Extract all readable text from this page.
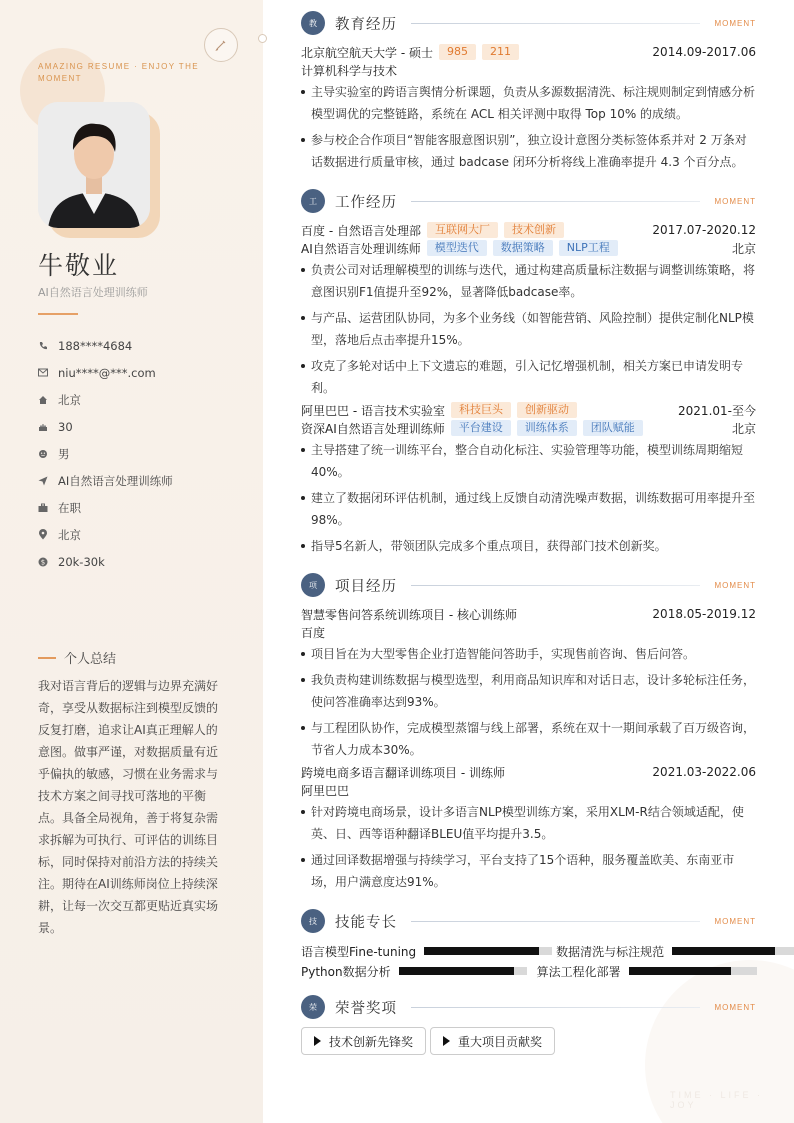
AMAZING RESUME · ENJOY THE MOMENT
牛敬业
AI自然语言处理训练师
188****4684
niu****@***.com
北京
30
男
AI自然语言处理训练师
在职
北京
$ 20k-30k
个人总结
我对语言背后的逻辑与边界充满好奇，享受从数据标注到模型反馈的反复打磨，追求让AI真正理解人的意图。做事严谨，对数据质量有近乎偏执的敏感，习惯在业务需求与技术方案之间寻找可落地的平衡点。具备全局视角，善于将复杂需求拆解为可执行、可评估的训练目标，同时保持对前沿方法的持续关注。期待在AI训练师岗位上持续深耕，让每一次交互都更贴近真实场景。
TIME · LIFE · JOY
教	教育经历	MOMENT
北京航空航天大学 - 硕士	985	211	2014.09-2017.06
计算机科学与技术
主导实验室的跨语言舆情分析课题，负责从多源数据清洗、标注规则制定到情感分析模型调优的完整链路，系统在 ACL 相关评测中取得 Top 10% 的成绩。
参与校企合作项目“智能客服意图识别”，独立设计意图分类标签体系并对 2 万条对话数据进行质量审核，通过 badcase 闭环分析将线上准确率提升 4.3 个百分点。
工	工作经历	MOMENT
百度 - 自然语言处理部	互联网大厂	技术创新	2017.07-2020.12
AI自然语言处理训练师	模型迭代	数据策略	NLP工程	北京
负责公司对话理解模型的训练与迭代，通过构建高质量标注数据与调整训练策略，将意图识别F1值提升至92%，显著降低badcase率。
与产品、运营团队协同，为多个业务线（如智能营销、风险控制）提供定制化NLP模型，落地后点击率提升15%。
攻克了多轮对话中上下文遗忘的难题，引入记忆增强机制，相关方案已申请发明专利。
阿里巴巴 - 语言技术实验室	科技巨头	创新驱动	2021.01-至今
资深AI自然语言处理训练师	平台建设	训练体系	团队赋能	北京
主导搭建了统一训练平台，整合自动化标注、实验管理等功能，模型训练周期缩短40%。
建立了数据闭环评估机制，通过线上反馈自动清洗噪声数据，训练数据可用率提升至98%。
指导5名新人，带领团队完成多个重点项目，获得部门技术创新奖。
项	项目经历	MOMENT
智慧零售问答系统训练项目 - 核心训练师	2018.05-2019.12
百度
项目旨在为大型零售企业打造智能问答助手，实现售前咨询、售后问答。
我负责构建训练数据与模型选型，利用商品知识库和对话日志，设计多轮标注任务，使问答准确率达到93%。
与工程团队协作，完成模型蒸馏与线上部署，系统在双十一期间承载了百万级咨询，节省人力成本30%。
跨境电商多语言翻译训练项目 - 训练师	2021.03-2022.06
阿里巴巴
针对跨境电商场景，设计多语言NLP模型训练方案，采用XLM-R结合领域适配，使英、日、西等语种翻译BLEU值平均提升3.5。
通过回译数据增强与持续学习，平台支持了15个语种，服务覆盖欧美、东南亚市场，用户满意度达91%。
技	技能专长	MOMENT
语言模型Fine-tuning	数据清洗与标注规范
Python数据分析	算法工程化部署
荣	荣誉奖项	MOMENT
技术创新先锋奖	重大项目贡献奖
